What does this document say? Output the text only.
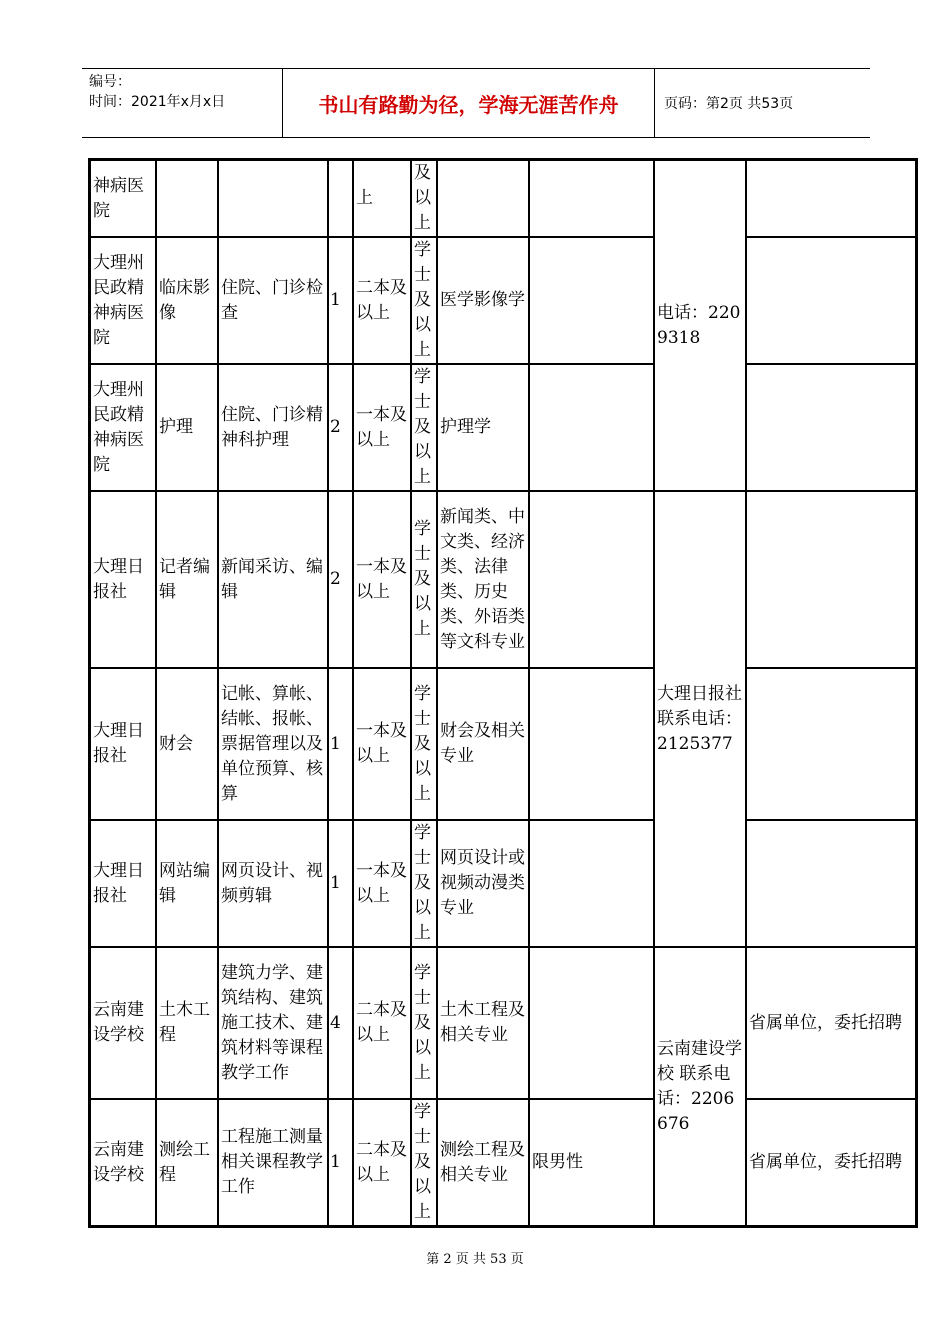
编号：
时间：2021年x月x日	书山有路勤为径，学海无涯苦作舟	页码：第2页 共53页
神病医院				上	及以上			电话：2209318	
大理州民政精神病医院	临床影像	住院、门诊检查	1	二本及以上	学士及以上	医学影像学			
大理州民政精神病医院	护理	住院、门诊精神科护理	2	一本及以上	学士及以上	护理学			
大理日报社	记者编辑	新闻采访、编辑	2	一本及以上	学士及以上	新闻类、中文类、经济类、法律类、历史类、外语类等文科专业		大理日报社 联系电话：2125377	
大理日报社	财会	记帐、算帐、结帐、报帐、票据管理以及单位预算、核算	1	一本及以上	学士及以上	财会及相关专业			
大理日报社	网站编辑	网页设计、视频剪辑	1	一本及以上	学士及以上	网页设计或视频动漫类专业			
云南建设学校	土木工程	建筑力学、建筑结构、建筑施工技术、建筑材料等课程教学工作	4	二本及以上	学士及以上	土木工程及相关专业		云南建设学校 联系电话：2206676	省属单位，委托招聘
云南建设学校	测绘工程	工程施工测量相关课程教学工作	1	二本及以上	学士及以上	测绘工程及相关专业	限男性		省属单位，委托招聘
第 2 页 共 53 页
